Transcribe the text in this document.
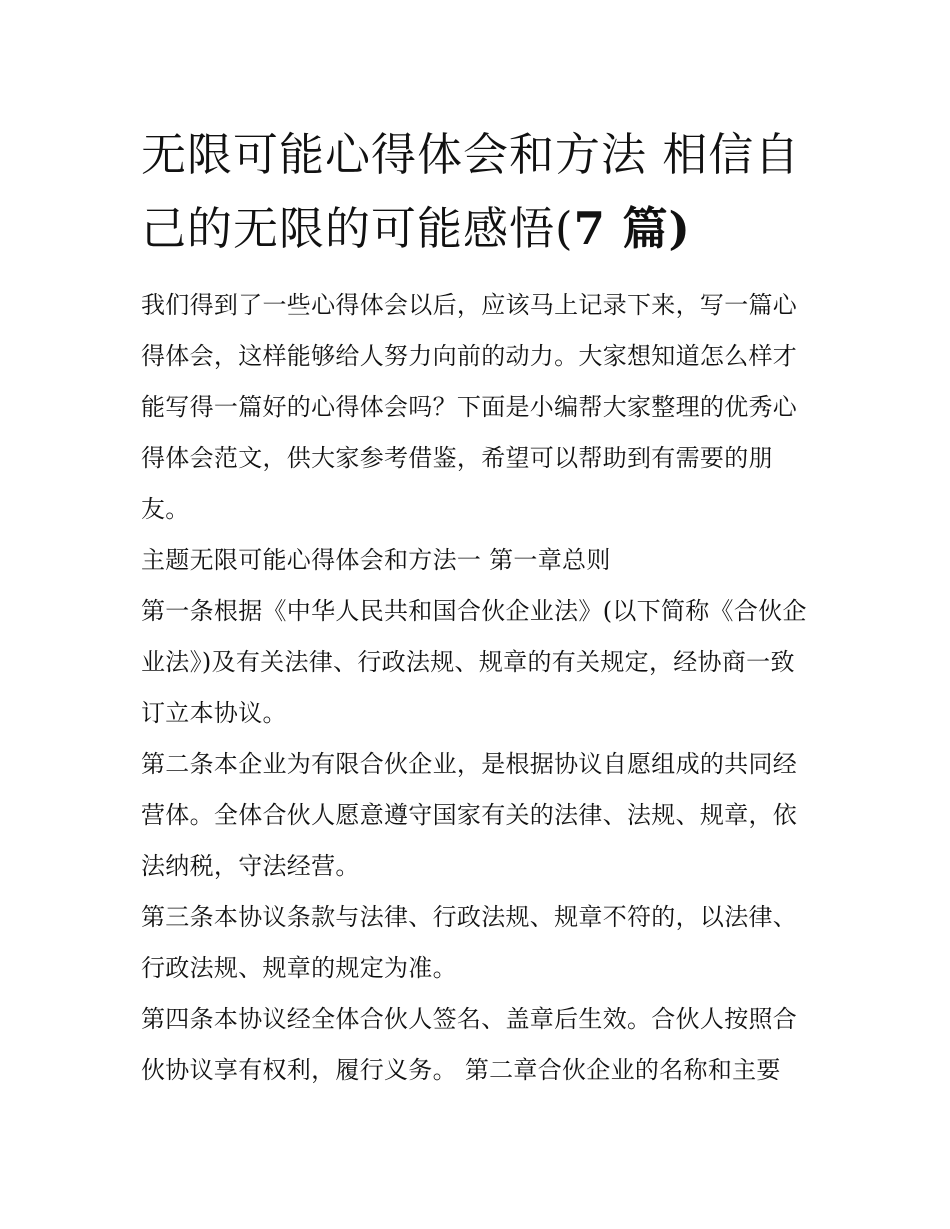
无限可能心得体会和方法 相信自己的无限的可能感悟(7 篇)

我们得到了一些心得体会以后，应该马上记录下来，写一篇心得体会，这样能够给人努力向前的动力。大家想知道怎么样才能写得一篇好的心得体会吗？下面是小编帮大家整理的优秀心得体会范文，供大家参考借鉴，希望可以帮助到有需要的朋友。

主题无限可能心得体会和方法一 第一章总则

第一条根据《中华人民共和国合伙企业法》(以下简称《合伙企业法》)及有关法律、行政法规、规章的有关规定，经协商一致订立本协议。

第二条本企业为有限合伙企业，是根据协议自愿组成的共同经营体。全体合伙人愿意遵守国家有关的法律、法规、规章，依法纳税，守法经营。

第三条本协议条款与法律、行政法规、规章不符的，以法律、行政法规、规章的规定为准。

第四条本协议经全体合伙人签名、盖章后生效。合伙人按照合伙协议享有权利，履行义务。 第二章合伙企业的名称和主要
